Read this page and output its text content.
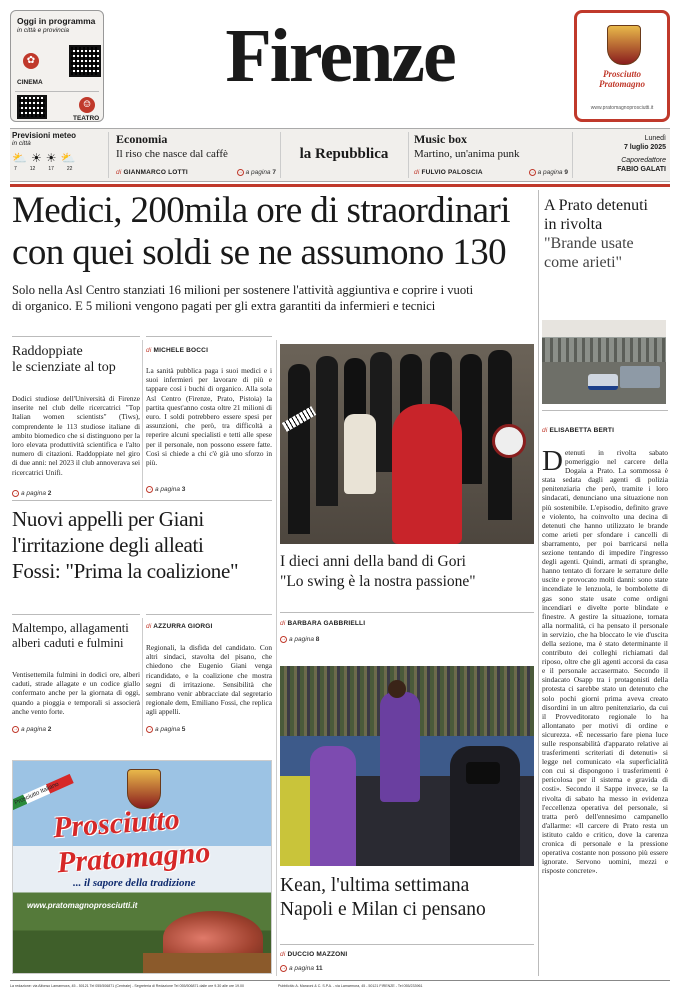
Oggi in programma
in città e provincia
✿
CINEMA
☺
TEATRO
Firenze	Prosciutto
Pratomagno
www.pratomagnoprosciutti.it
Previsioni meteo
in città
⛅ ☀ ☀ ⛅
7	12	17	22
Economia
Il riso che nasce dal caffè
di GIANMARCO LOTTI	→ a pagina 7
la Repubblica
Music box
Martino, un'anima punk
di FULVIO PALOSCIA	→ a pagina 9
Lunedì
7 luglio 2025
Caporedattore
FABIO GALATI
Medici, 200mila ore di straordinari
con quei soldi se ne assumono 130
Solo nella Asl Centro stanziati 16 milioni per sostenere l'attività aggiuntiva e coprire i vuoti
di organico. E 5 milioni vengono pagati per gli extra garantiti da infermieri e tecnici
A Prato detenuti
in rivolta
"Brande usate
come arieti"
di ELISABETTA BERTI
Detenuti in rivolta sabato pomeriggio nel carcere della Dogaia a Prato. La sommossa è stata sedata dagli agenti di polizia penitenziaria che però, tramite i loro sindacati, denunciano una situazione non più sostenibile. L'episodio, definito grave e violento, ha coinvolto una decina di detenuti che hanno utilizzato le brande come arieti per sfondare i cancelli di sbarramento, per poi barricarsi nella sezione tentando di impedire l'ingresso degli agenti. Quindi, armati di spranghe, hanno tentato di forzare le serrature delle uscite e provocato molti danni: sono state incendiate le lenzuola, le bombolette di gas sono state usate come ordigni incendiari e divelte porte blindate e finestre. A gestire la situazione, tornata alla normalità, ci ha pensato il personale in servizio, che ha bloccato le vie d'uscita della sezione, ma è stato determinante il contributo dei colleghi richiamati dal riposo, oltre che gli agenti accorsi da casa e il personale accasermato. Secondo il sindacato Osapp tra i protagonisti della protesta ci sarebbe stato un detenuto che solo pochi giorni prima aveva creato disordini in un altro penitenziario, da cui il Provveditorato regionale lo ha allontanato per motivi di ordine e sicurezza. «È necessario fare piena luce sulle responsabilità d'apparato relative ai trasferimenti scriteriati di detenuti» si legge nel comunicato «la superficialità con cui si dispongono i trasferimenti è pericolosa per il sistema e gravida di costi». Secondo il Sappe invece, se la rivolta di sabato ha messo in evidenza l'eccellenza operativa del personale, si tratta però dell'ennesimo campanello d'allarme: «Il carcere di Prato resta un istituto caldo e critico, dove la carenza cronica di personale e la pressione operativa costante non possono più essere ignorate. Servono uomini, mezzi e risposte concrete».
Raddoppiate
le scienziate al top
Dodici studiose dell'Università di Firenze inserite nel club delle ricercatrici "Top Italian women scientists" (Tiws), comprendente le 113 studiose italiane di ambito biomedico che si distinguono per la loro elevata produttività scientifica e l'alto numero di citazioni. Raddoppiate nel giro di due anni: nel 2023 il club annoverava sei ricercatrici Unifi.
→ a pagina 2
di MICHELE BOCCI
La sanità pubblica paga i suoi medici e i suoi infermieri per lavorare di più e tappare così i buchi di organico. Alla sola Asl Centro (Firenze, Prato, Pistoia) la partita quest'anno costa oltre 21 milioni di euro. I soldi potrebbero essere spesi per assunzioni, che però, tra difficoltà a reperire alcuni specialisti e tetti alle spese per il personale, non possono essere fatte. Così si chiede a chi c'è già uno sforzo in più.
→ a pagina 3
Nuovi appelli per Giani
l'irritazione degli alleati
Fossi: "Prima la coalizione"
Maltempo, allagamenti
alberi caduti e fulmini
Ventisettemila fulmini in dodici ore, alberi caduti, strade allagate e un codice giallo confermato anche per la giornata di oggi, quando a pioggia e temporali si associerà anche vento forte.
→ a pagina 2
di AZZURRA GIORGI
Regionali, la disfida del candidato. Con altri sindaci, stavolta del pisano, che chiedono che Eugenio Giani venga ricandidato, e la coalizione che mostra segni di irritazione. Sensibilità che sembrano venir abbracciate dal segretario regionale dem, Emiliano Fossi, che replica agli appelli.
→ a pagina 5
Prosciutto Italiano
Prosciutto
Pratomagno
... il sapore della tradizione
www.pratomagnoprosciutti.it
I dieci anni della band di Gori
"Lo swing è la nostra passione"
di BARBARA GABBRIELLI
→ a pagina 8
Kean, l'ultima settimana
Napoli e Milan ci pensano
di DUCCIO MAZZONI
→ a pagina 11
La redazione: via Alfonso Lamarmora, 45 - 50121 Tel 055/506871 (Centrale) - Segreteria di Redazione Tel 055/506871 dalle ore 9.30 alle ore 19.00	Pubblicità: A. Manzoni & C. S.P.A. - via Lamarmora, 45 - 50121 FIRENZE - Tel 055/233961
